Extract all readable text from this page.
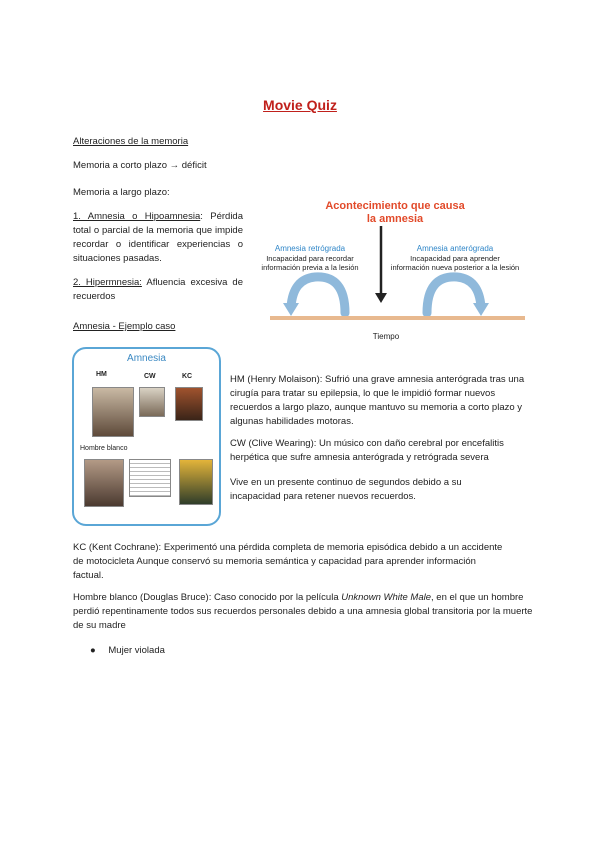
Movie Quiz
Alteraciones de la memoria
Memoria a corto plazo → déficit
Memoria a largo plazo:
1. Amnesia o Hipoamnesia: Pérdida total o parcial de la memoria que impide recordar o identificar experiencias o situaciones pasadas.
2. Hipermnesia: Afluencia excesiva de recuerdos
Amnesia - Ejemplo caso
Acontecimiento que causa
la amnesia
Amnesia retrógrada
Incapacidad para recordar
información previa a la lesión
Amnesia anterógrada
Incapacidad para aprender
información nueva posterior a la lesión
Tiempo
Amnesia
HM	CW	KC
Hombre blanco
HM (Henry Molaison): Sufrió una grave amnesia anterógrada tras una cirugía para tratar su epilepsia, lo que le impidió formar nuevos recuerdos a largo plazo, aunque mantuvo su memoria a corto plazo y algunas habilidades motoras.
CW (Clive Wearing): Un músico con daño cerebral por encefalitis herpética que sufre amnesia anterógrada y retrógrada severa
Vive en un presente continuo de segundos debido a su incapacidad para retener nuevos recuerdos.
KC (Kent Cochrane): Experimentó una pérdida completa de memoria episódica debido a un accidente de motocicleta Aunque conservó su memoria semántica y capacidad para aprender información factual.
Hombre blanco (Douglas Bruce): Caso conocido por la película Unknown White Male, en el que un hombre perdió repentinamente todos sus recuerdos personales debido a una amnesia global transitoria por la muerte de su madre
● Mujer violada
